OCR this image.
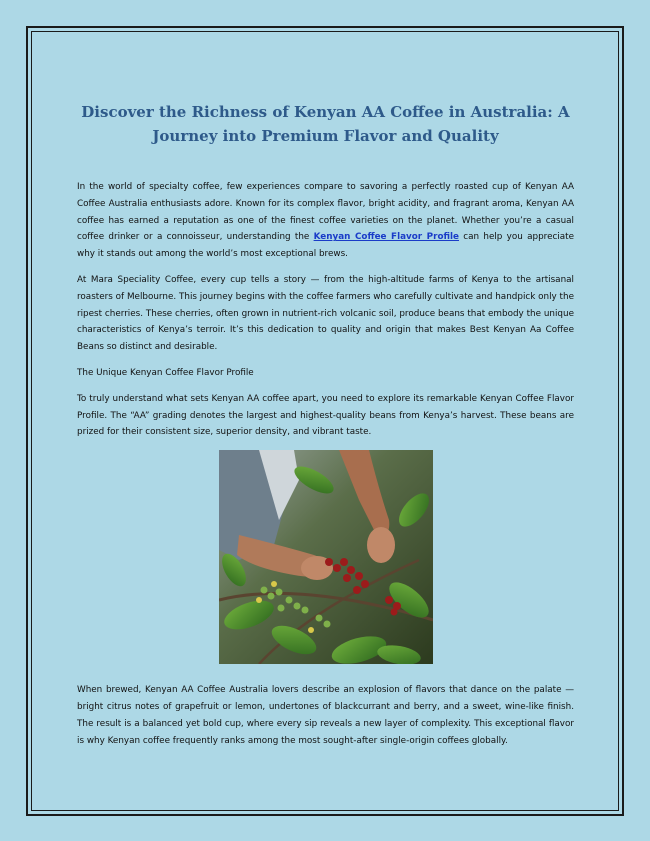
Discover the Richness of Kenyan AA Coffee in Australia: A Journey into Premium Flavor and Quality

In the world of specialty coffee, few experiences compare to savoring a perfectly roasted cup of Kenyan AA Coffee Australia enthusiasts adore. Known for its complex flavor, bright acidity, and fragrant aroma, Kenyan AA coffee has earned a reputation as one of the finest coffee varieties on the planet. Whether you’re a casual coffee drinker or a connoisseur, understanding the Kenyan Coffee Flavor Profile can help you appreciate why it stands out among the world’s most exceptional brews.

At Mara Speciality Coffee, every cup tells a story — from the high-altitude farms of Kenya to the artisanal roasters of Melbourne. This journey begins with the coffee farmers who carefully cultivate and handpick only the ripest cherries. These cherries, often grown in nutrient-rich volcanic soil, produce beans that embody the unique characteristics of Kenya’s terroir. It’s this dedication to quality and origin that makes Best Kenyan Aa Coffee Beans so distinct and desirable.

The Unique Kenyan Coffee Flavor Profile

To truly understand what sets Kenyan AA coffee apart, you need to explore its remarkable Kenyan Coffee Flavor Profile. The “AA” grading denotes the largest and highest-quality beans from Kenya’s harvest. These beans are prized for their consistent size, superior density, and vibrant taste.

When brewed, Kenyan AA Coffee Australia lovers describe an explosion of flavors that dance on the palate — bright citrus notes of grapefruit or lemon, undertones of blackcurrant and berry, and a sweet, wine-like finish. The result is a balanced yet bold cup, where every sip reveals a new layer of complexity. This exceptional flavor is why Kenyan coffee frequently ranks among the most sought-after single-origin coffees globally.
